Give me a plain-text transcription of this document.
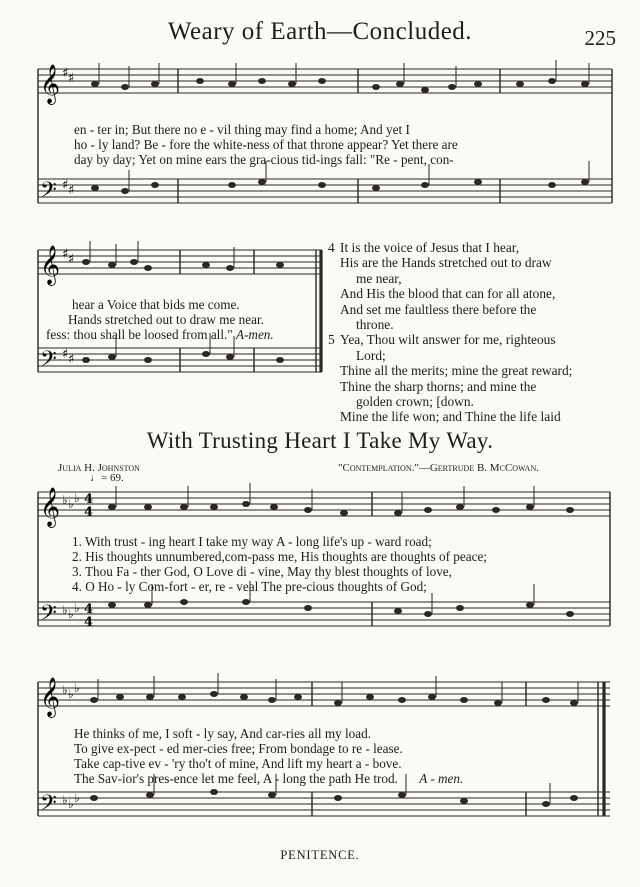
Weary of Earth—Concluded.	225
𝄞
𝄢
♯ ♯
♯ ♯
en - ter in; But there no e - vil thing may find a home; And yet I
ho - ly land? Be - fore the white-ness of that throne appear? Yet there are
day by day; Yet on mine ears the gra-cious tid-ings fall: "Re - pent, con-
𝄞
𝄢
♯ ♯
♯ ♯
hear a Voice that bids me come.
Hands stretched out to draw me near.
fess: thou shall be loosed from all." A-men.
4 It is the voice of Jesus that I hear,
His are the Hands stretched out to draw
me near,
And His the blood that can for all atone,
And set me faultless there before the
throne.
5 Yea, Thou wilt answer for me, righteous
Lord;
Thine all the merits; mine the great reward;
Thine the sharp thorns; and mine the
golden crown; [down.
Mine the life won; and Thine the life laid
With Trusting Heart I Take My Way.
Julia H. Johnston	"Contemplation."—Gertrude B. McCowan.
♩= 69.
𝄞
𝄢
♭ ♭ ♭
♭ ♭ ♭
4
4
4
4
1. With trust - ing heart I take my way A - long life's up - ward road;
2. His thoughts unnumbered,com-pass me, His thoughts are thoughts of peace;
3. Thou Fa - ther God, O Love di - vine, May thy blest thoughts of love,
4. O Ho - ly Com-fort - er, re - veal The pre-cious thoughts of God;
𝄞
𝄢
♭ ♭ ♭
♭ ♭ ♭
He thinks of me, I soft - ly say, And car-ries all my load.
To give ex-pect - ed mer-cies free; From bondage to re - lease.
Take cap-tive ev - 'ry tho't of mine, And lift my heart a - bove.
The Sav-ior's pres-ence let me feel, A - long the path He trod. A - men.
PENITENCE.
